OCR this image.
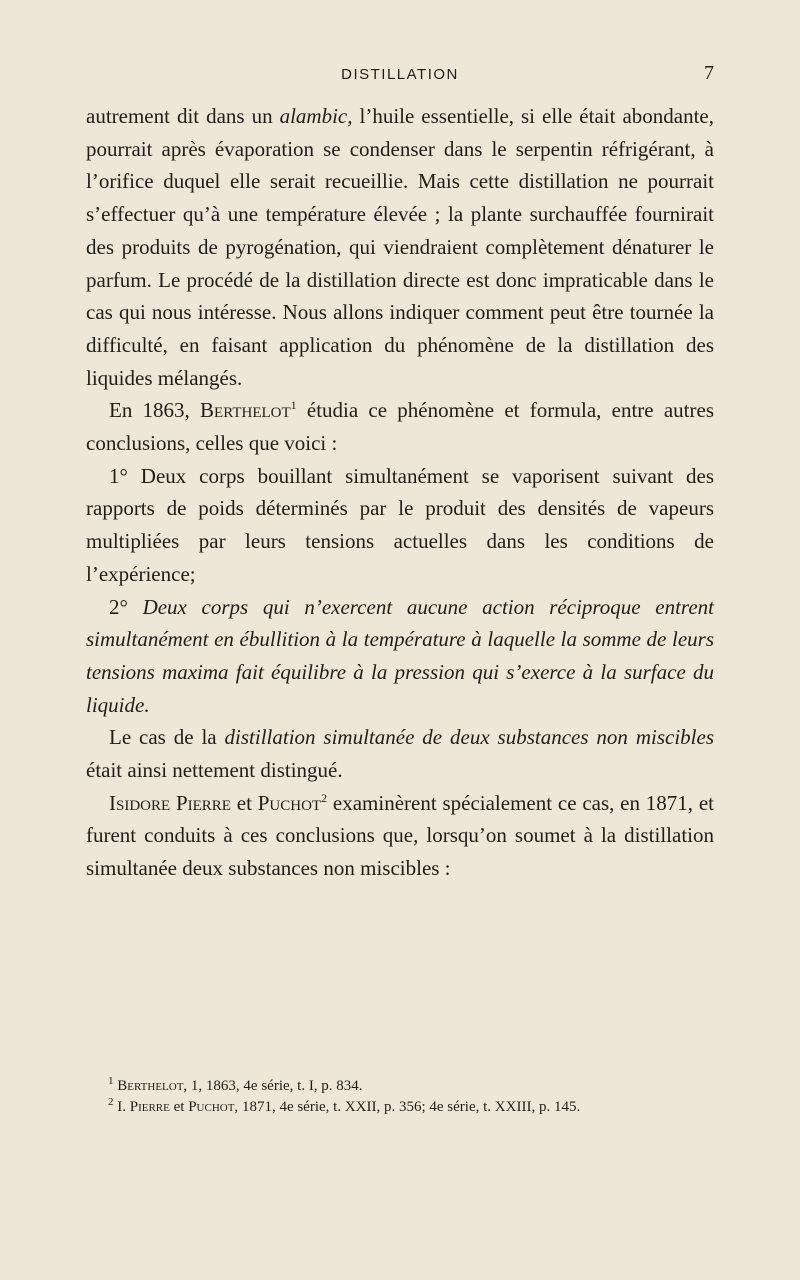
DISTILLATION	7

autrement dit dans un alambic, l’huile essentielle, si elle était abondante, pourrait après évaporation se condenser dans le serpentin réfrigérant, à l’orifice duquel elle serait recueillie. Mais cette distillation ne pourrait s’effectuer qu’à une température élevée ; la plante surchauffée fournirait des produits de pyrogénation, qui viendraient complètement dénaturer le parfum. Le procédé de la distillation directe est donc impraticable dans le cas qui nous intéresse. Nous allons indiquer comment peut être tournée la difficulté, en faisant application du phénomène de la distillation des liquides mélangés.

En 1863, Berthelot$^1$ étudia ce phénomène et formula, entre autres conclusions, celles que voici :

1° Deux corps bouillant simultanément se vaporisent suivant des rapports de poids déterminés par le produit des densités de vapeurs multipliées par leurs tensions actuelles dans les conditions de l’expérience;

2° Deux corps qui n’exercent aucune action réciproque entrent simultanément en ébullition à la température à laquelle la somme de leurs tensions maxima fait équilibre à la pression qui s’exerce à la surface du liquide.

Le cas de la distillation simultanée de deux substances non miscibles était ainsi nettement distingué.

Isidore Pierre et Puchot$^2$ examinèrent spécialement ce cas, en 1871, et furent conduits à ces conclusions que, lorsqu’on soumet à la distillation simultanée deux substances non miscibles :

$^1$ Berthelot, 1, 1863, 4e série, t. I, p. 834.

$^2$ I. Pierre et Puchot, 1871, 4e série, t. XXII, p. 356; 4e série, t. XXIII, p. 145.
